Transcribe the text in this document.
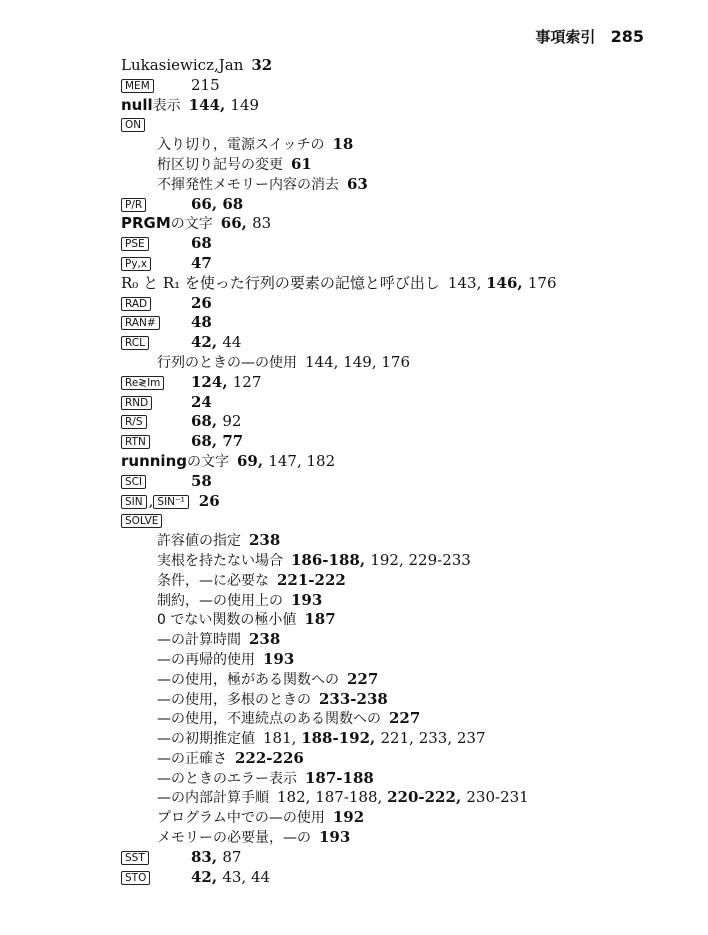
事項索引 285
Lukasiewicz,Jan 32
MEM	215
null表示 144, 149
ON
入り切り，電源スイッチの 18
桁区切り記号の変更 61
不揮発性メモリー内容の消去 63
P/R	66, 68
PRGMの文字 66, 83
PSE	68
Py,x	47
R₀ と R₁ を使った行列の要素の記憶と呼び出し 143, 146, 176
RAD	26
RAN# 48
RCL	42, 44
行列のときの—の使用 144, 149, 176
Re≷Im 124, 127
RND	24
R/S	68, 92
RTN	68, 77
runningの文字 69, 147, 182
SCI	58
SIN , SIN⁻¹ 26
SOLVE
許容値の指定 238
実根を持たない場合 186-188, 192, 229-233
条件，—に必要な 221-222
制約，—の使用上の 193
0 でない関数の極小値 187
—の計算時間 238
—の再帰的使用 193
—の使用，極がある関数への 227
—の使用，多根のときの 233-238
—の使用，不連続点のある関数への 227
—の初期推定値 181, 188-192, 221, 233, 237
—の正確さ 222-226
—のときのエラー表示 187-188
—の内部計算手順 182, 187-188, 220-222, 230-231
プログラム中での—の使用 192
メモリーの必要量，—の 193
SST	83, 87
STO	42, 43, 44
